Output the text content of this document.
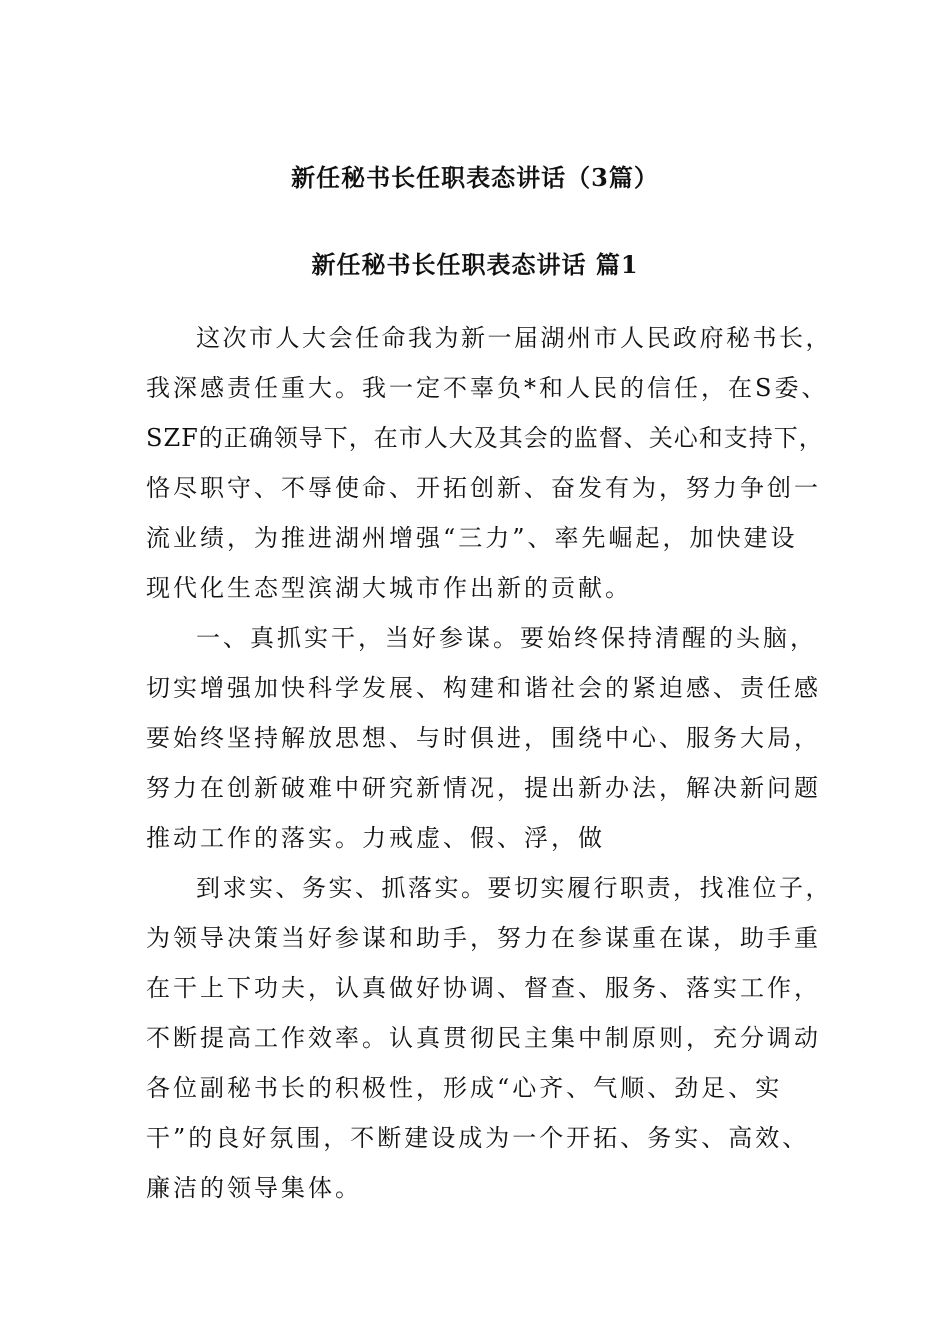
新任秘书长任职表态讲话（3篇）
新任秘书长任职表态讲话 篇1
这次市人大会任命我为新一届湖州市人民政府秘书长，
我深感责任重大。我一定不辜负*和人民的信任，在S委、
SZF的正确领导下，在市人大及其会的监督、关心和支持下，
恪尽职守、不辱使命、开拓创新、奋发有为，努力争创一
流业绩，为推进湖州增强“三力”、率先崛起，加快建设
现代化生态型滨湖大城市作出新的贡献。
一、真抓实干，当好参谋。要始终保持清醒的头脑，
切实增强加快科学发展、构建和谐社会的紧迫感、责任感
要始终坚持解放思想、与时俱进，围绕中心、服务大局，
努力在创新破难中研究新情况，提出新办法，解决新问题
推动工作的落实。力戒虚、假、浮，做
到求实、务实、抓落实。要切实履行职责，找准位子，
为领导决策当好参谋和助手，努力在参谋重在谋，助手重
在干上下功夫，认真做好协调、督查、服务、落实工作，
不断提高工作效率。认真贯彻民主集中制原则，充分调动
各位副秘书长的积极性，形成“心齐、气顺、劲足、实
干”的良好氛围，不断建设成为一个开拓、务实、高效、
廉洁的领导集体。
